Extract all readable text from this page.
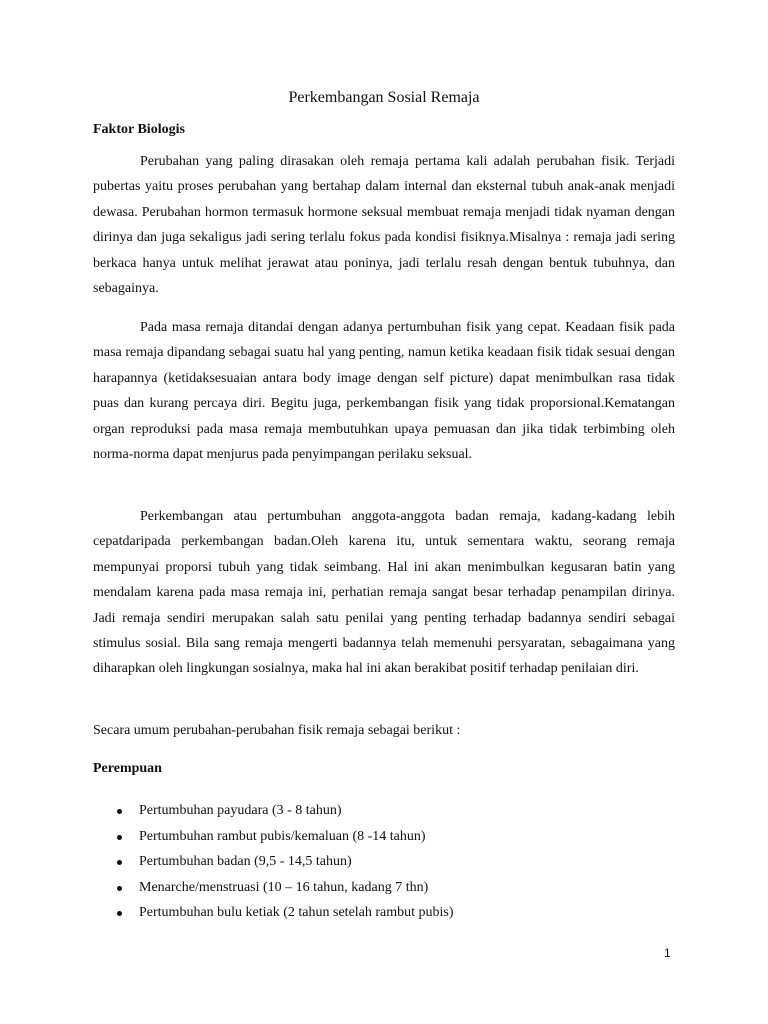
Perkembangan Sosial Remaja
Faktor Biologis

Perubahan yang paling dirasakan oleh remaja pertama kali adalah perubahan fisik. Terjadi pubertas yaitu proses perubahan yang bertahap dalam internal dan eksternal tubuh anak-anak menjadi dewasa. Perubahan hormon termasuk hormone seksual membuat remaja menjadi tidak nyaman dengan dirinya dan juga sekaligus jadi sering terlalu fokus pada kondisi fisiknya.Misalnya : remaja jadi sering berkaca hanya untuk melihat jerawat atau poninya, jadi terlalu resah dengan bentuk tubuhnya, dan sebagainya.

Pada masa remaja ditandai dengan adanya pertumbuhan fisik yang cepat. Keadaan fisik pada masa remaja dipandang sebagai suatu hal yang penting, namun ketika keadaan fisik tidak sesuai dengan harapannya (ketidaksesuaian antara body image dengan self picture) dapat menimbulkan rasa tidak puas dan kurang percaya diri. Begitu juga, perkembangan fisik yang tidak proporsional.Kematangan organ reproduksi pada masa remaja membutuhkan upaya pemuasan dan jika tidak terbimbing oleh norma-norma dapat menjurus pada penyimpangan perilaku seksual.

Perkembangan atau pertumbuhan anggota-anggota badan remaja, kadang-kadang lebih cepatdaripada perkembangan badan.Oleh karena itu, untuk sementara waktu, seorang remaja mempunyai proporsi tubuh yang tidak seimbang. Hal ini akan menimbulkan kegusaran batin yang mendalam karena pada masa remaja ini, perhatian remaja sangat besar terhadap penampilan dirinya. Jadi remaja sendiri merupakan salah satu penilai yang penting terhadap badannya sendiri sebagai stimulus sosial. Bila sang remaja mengerti badannya telah memenuhi persyaratan, sebagaimana yang diharapkan oleh lingkungan sosialnya, maka hal ini akan berakibat positif terhadap penilaian diri.

Secara umum perubahan-perubahan fisik remaja sebagai berikut :

Perempuan
Pertumbuhan payudara (3 - 8 tahun)
Pertumbuhan rambut pubis/kemaluan (8 -14 tahun)
Pertumbuhan badan (9,5 - 14,5 tahun)
Menarche/menstruasi (10 – 16 tahun, kadang 7 thn)
Pertumbuhan bulu ketiak (2 tahun setelah rambut pubis)
1
